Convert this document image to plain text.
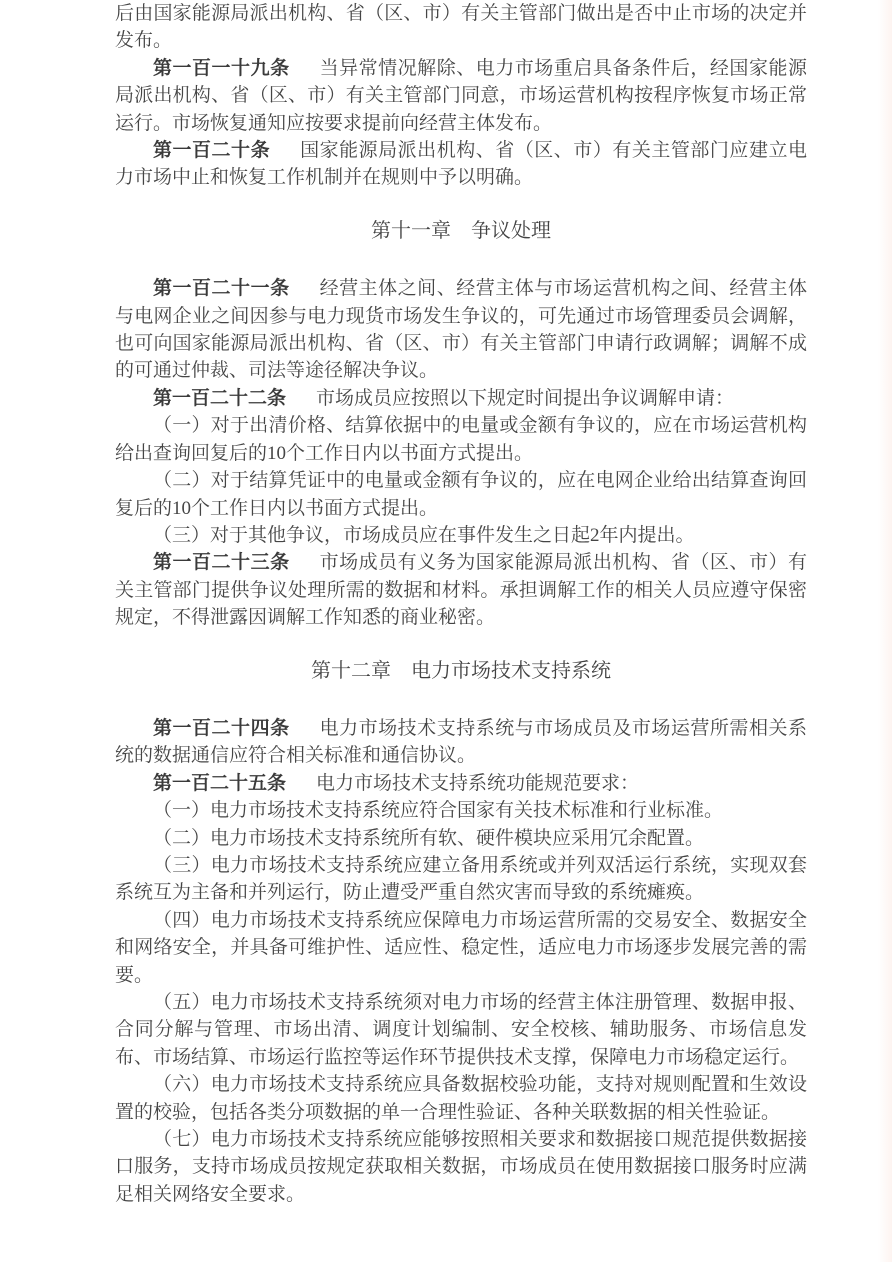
后由国家能源局派出机构、省（区、市）有关主管部门做出是否中止市场的决定并发布。

第一百一十九条 当异常情况解除、电力市场重启具备条件后，经国家能源局派出机构、省（区、市）有关主管部门同意，市场运营机构按程序恢复市场正常运行。市场恢复通知应按要求提前向经营主体发布。

第一百二十条 国家能源局派出机构、省（区、市）有关主管部门应建立电力市场中止和恢复工作机制并在规则中予以明确。

第十一章　争议处理

第一百二十一条 经营主体之间、经营主体与市场运营机构之间、经营主体与电网企业之间因参与电力现货市场发生争议的，可先通过市场管理委员会调解，也可向国家能源局派出机构、省（区、市）有关主管部门申请行政调解；调解不成的可通过仲裁、司法等途径解决争议。

第一百二十二条 市场成员应按照以下规定时间提出争议调解申请：

（一）对于出清价格、结算依据中的电量或金额有争议的，应在市场运营机构给出查询回复后的10个工作日内以书面方式提出。

（二）对于结算凭证中的电量或金额有争议的，应在电网企业给出结算查询回复后的10个工作日内以书面方式提出。

（三）对于其他争议，市场成员应在事件发生之日起2年内提出。

第一百二十三条 市场成员有义务为国家能源局派出机构、省（区、市）有关主管部门提供争议处理所需的数据和材料。承担调解工作的相关人员应遵守保密规定，不得泄露因调解工作知悉的商业秘密。

第十二章　电力市场技术支持系统

第一百二十四条 电力市场技术支持系统与市场成员及市场运营所需相关系统的数据通信应符合相关标准和通信协议。

第一百二十五条 电力市场技术支持系统功能规范要求：

（一）电力市场技术支持系统应符合国家有关技术标准和行业标准。

（二）电力市场技术支持系统所有软、硬件模块应采用冗余配置。

（三）电力市场技术支持系统应建立备用系统或并列双活运行系统，实现双套系统互为主备和并列运行，防止遭受严重自然灾害而导致的系统瘫痪。

（四）电力市场技术支持系统应保障电力市场运营所需的交易安全、数据安全和网络安全，并具备可维护性、适应性、稳定性，适应电力市场逐步发展完善的需要。

（五）电力市场技术支持系统须对电力市场的经营主体注册管理、数据申报、合同分解与管理、市场出清、调度计划编制、安全校核、辅助服务、市场信息发布、市场结算、市场运行监控等运作环节提供技术支撑，保障电力市场稳定运行。

（六）电力市场技术支持系统应具备数据校验功能，支持对规则配置和生效设置的校验，包括各类分项数据的单一合理性验证、各种关联数据的相关性验证。

（七）电力市场技术支持系统应能够按照相关要求和数据接口规范提供数据接口服务，支持市场成员按规定获取相关数据，市场成员在使用数据接口服务时应满足相关网络安全要求。
